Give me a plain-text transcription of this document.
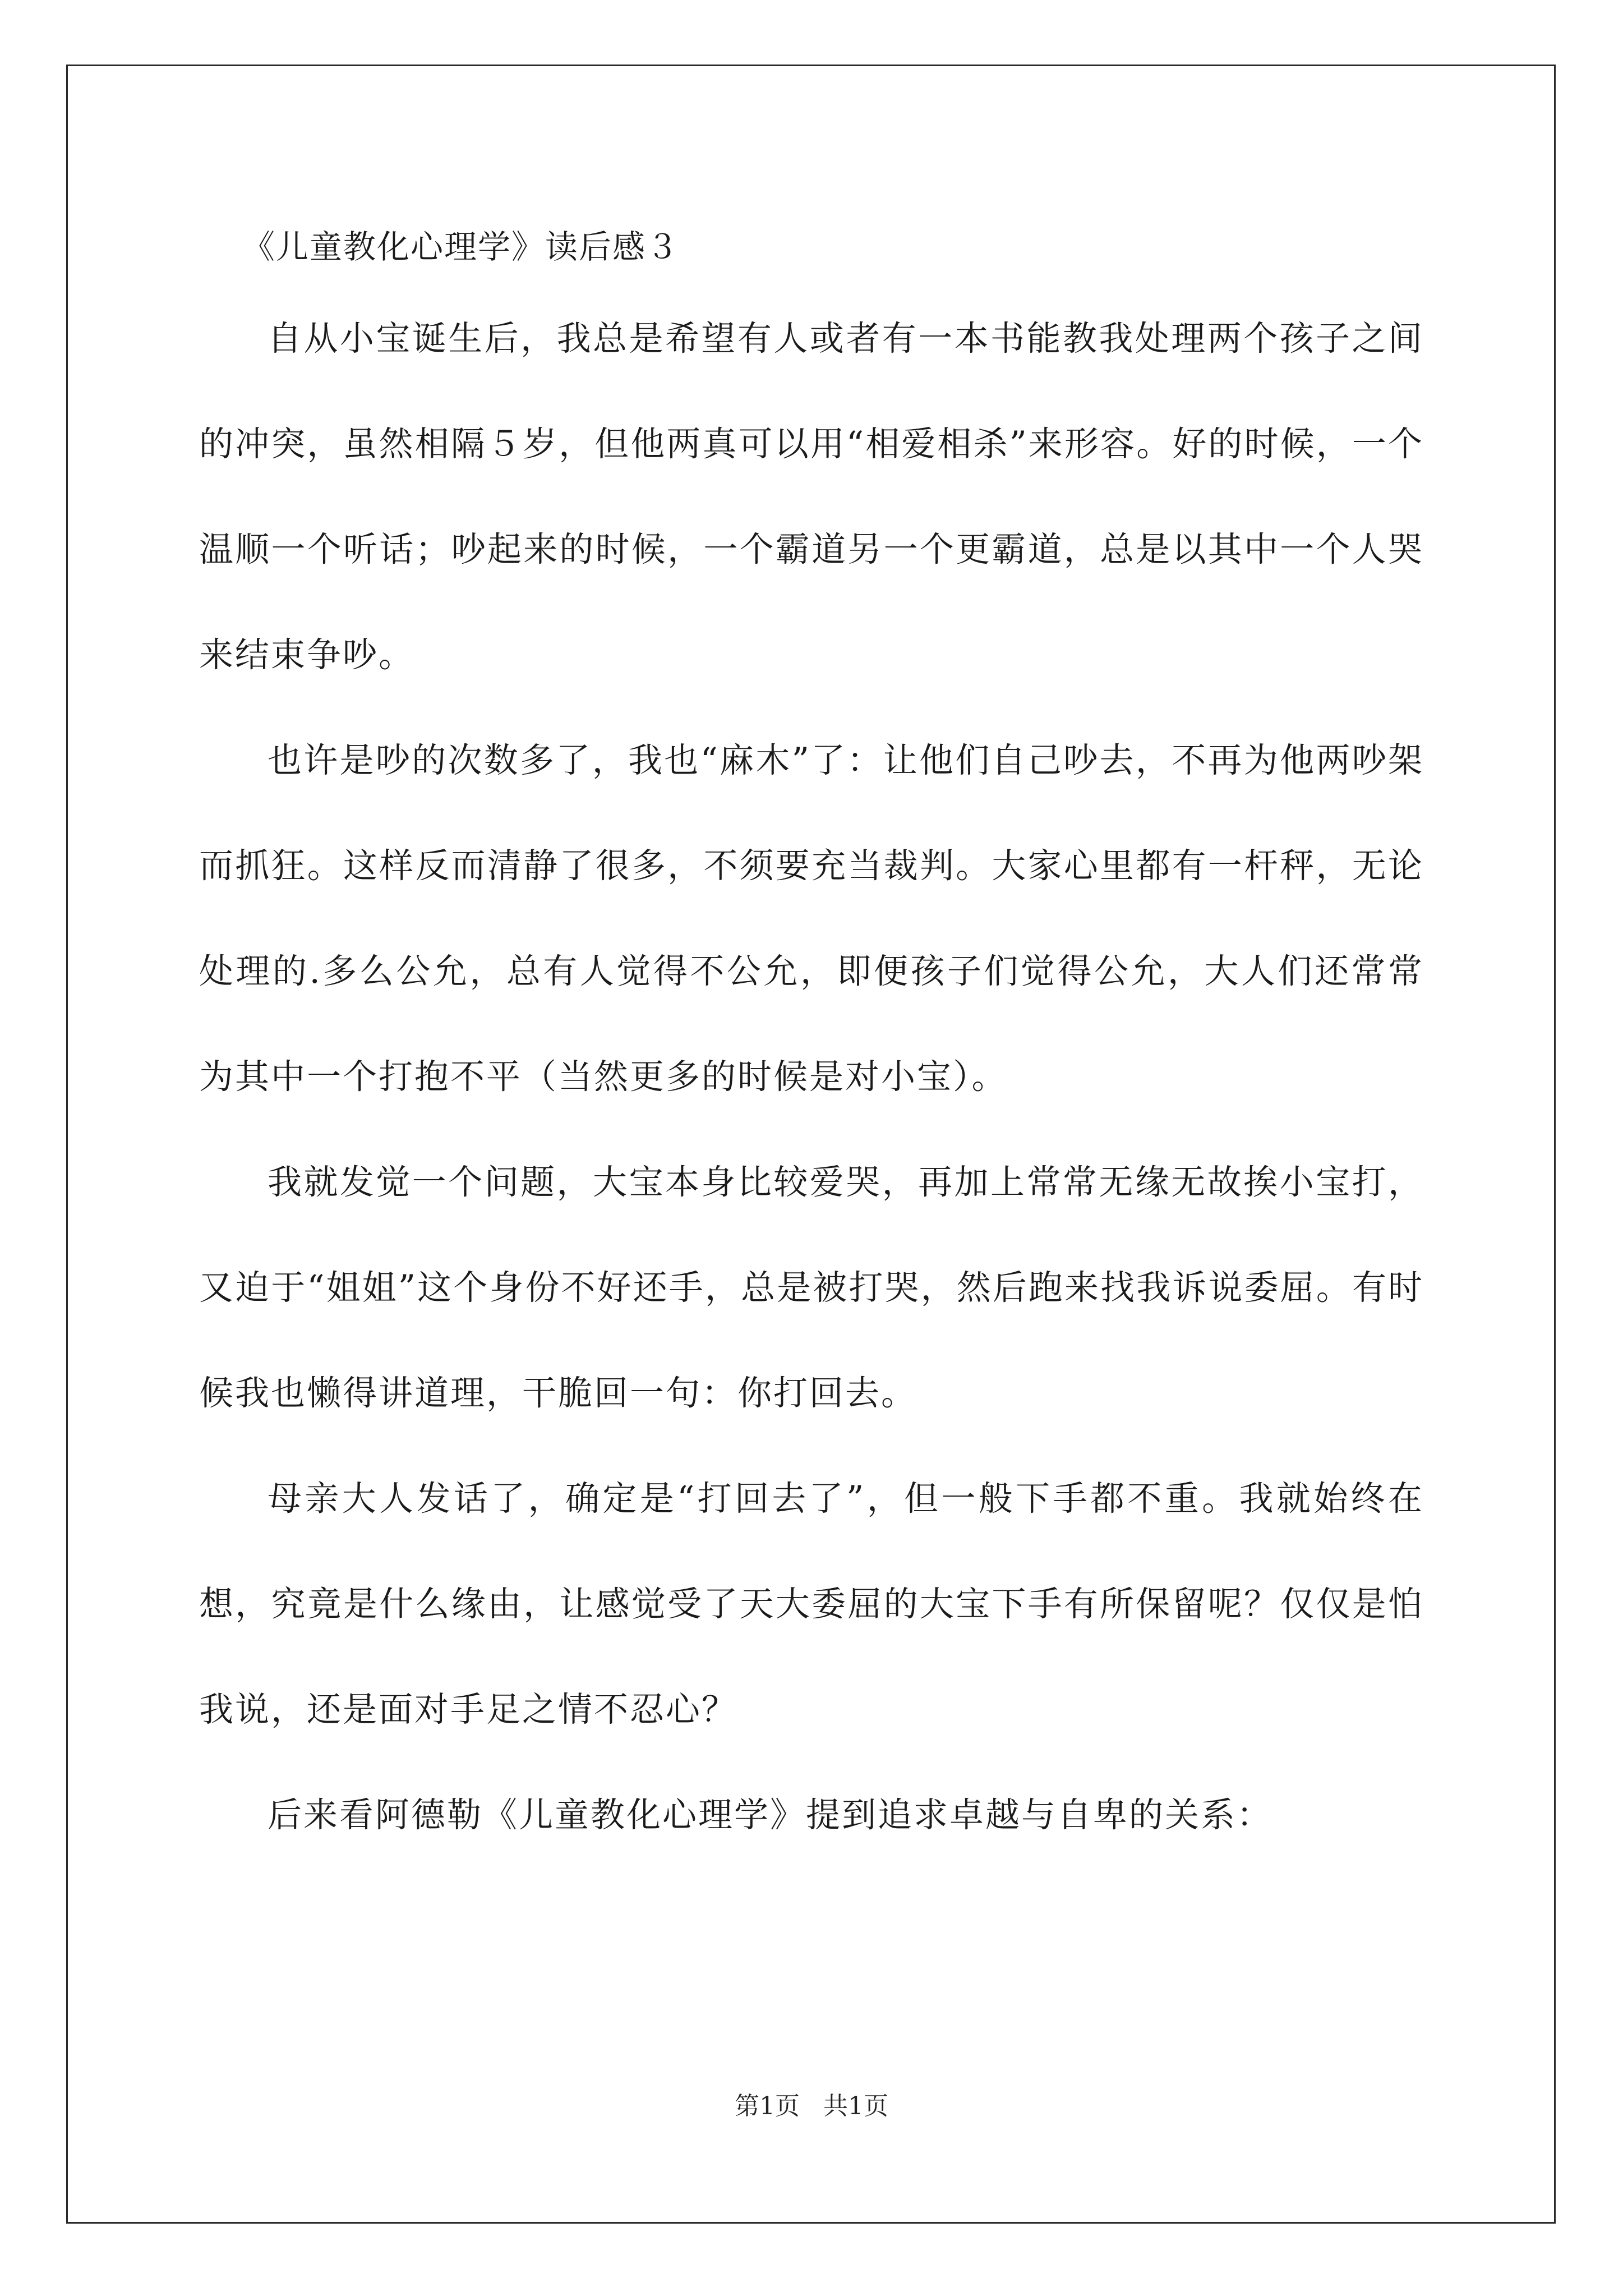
《儿童教化心理学》读后感３

自从小宝诞生后，我总是希望有人或者有一本书能教我处理两个孩子之间的冲突，虽然相隔５岁，但他两真可以用“相爱相杀”来形容。好的时候，一个温顺一个听话；吵起来的时候，一个霸道另一个更霸道，总是以其中一个人哭来结束争吵。

也许是吵的次数多了，我也“麻木”了：让他们自己吵去，不再为他两吵架而抓狂。这样反而清静了很多，不须要充当裁判。大家心里都有一杆秤，无论处理的.多么公允，总有人觉得不公允，即便孩子们觉得公允，大人们还常常为其中一个打抱不平（当然更多的时候是对小宝）。

我就发觉一个问题，大宝本身比较爱哭，再加上常常无缘无故挨小宝打，又迫于“姐姐”这个身份不好还手，总是被打哭，然后跑来找我诉说委屈。有时候我也懒得讲道理，干脆回一句：你打回去。

母亲大人发话了，确定是“打回去了”，但一般下手都不重。我就始终在想，究竟是什么缘由，让感觉受了天大委屈的大宝下手有所保留呢？仅仅是怕我说，还是面对手足之情不忍心？

后来看阿德勒《儿童教化心理学》提到追求卓越与自卑的关系：

第1页 共1页
